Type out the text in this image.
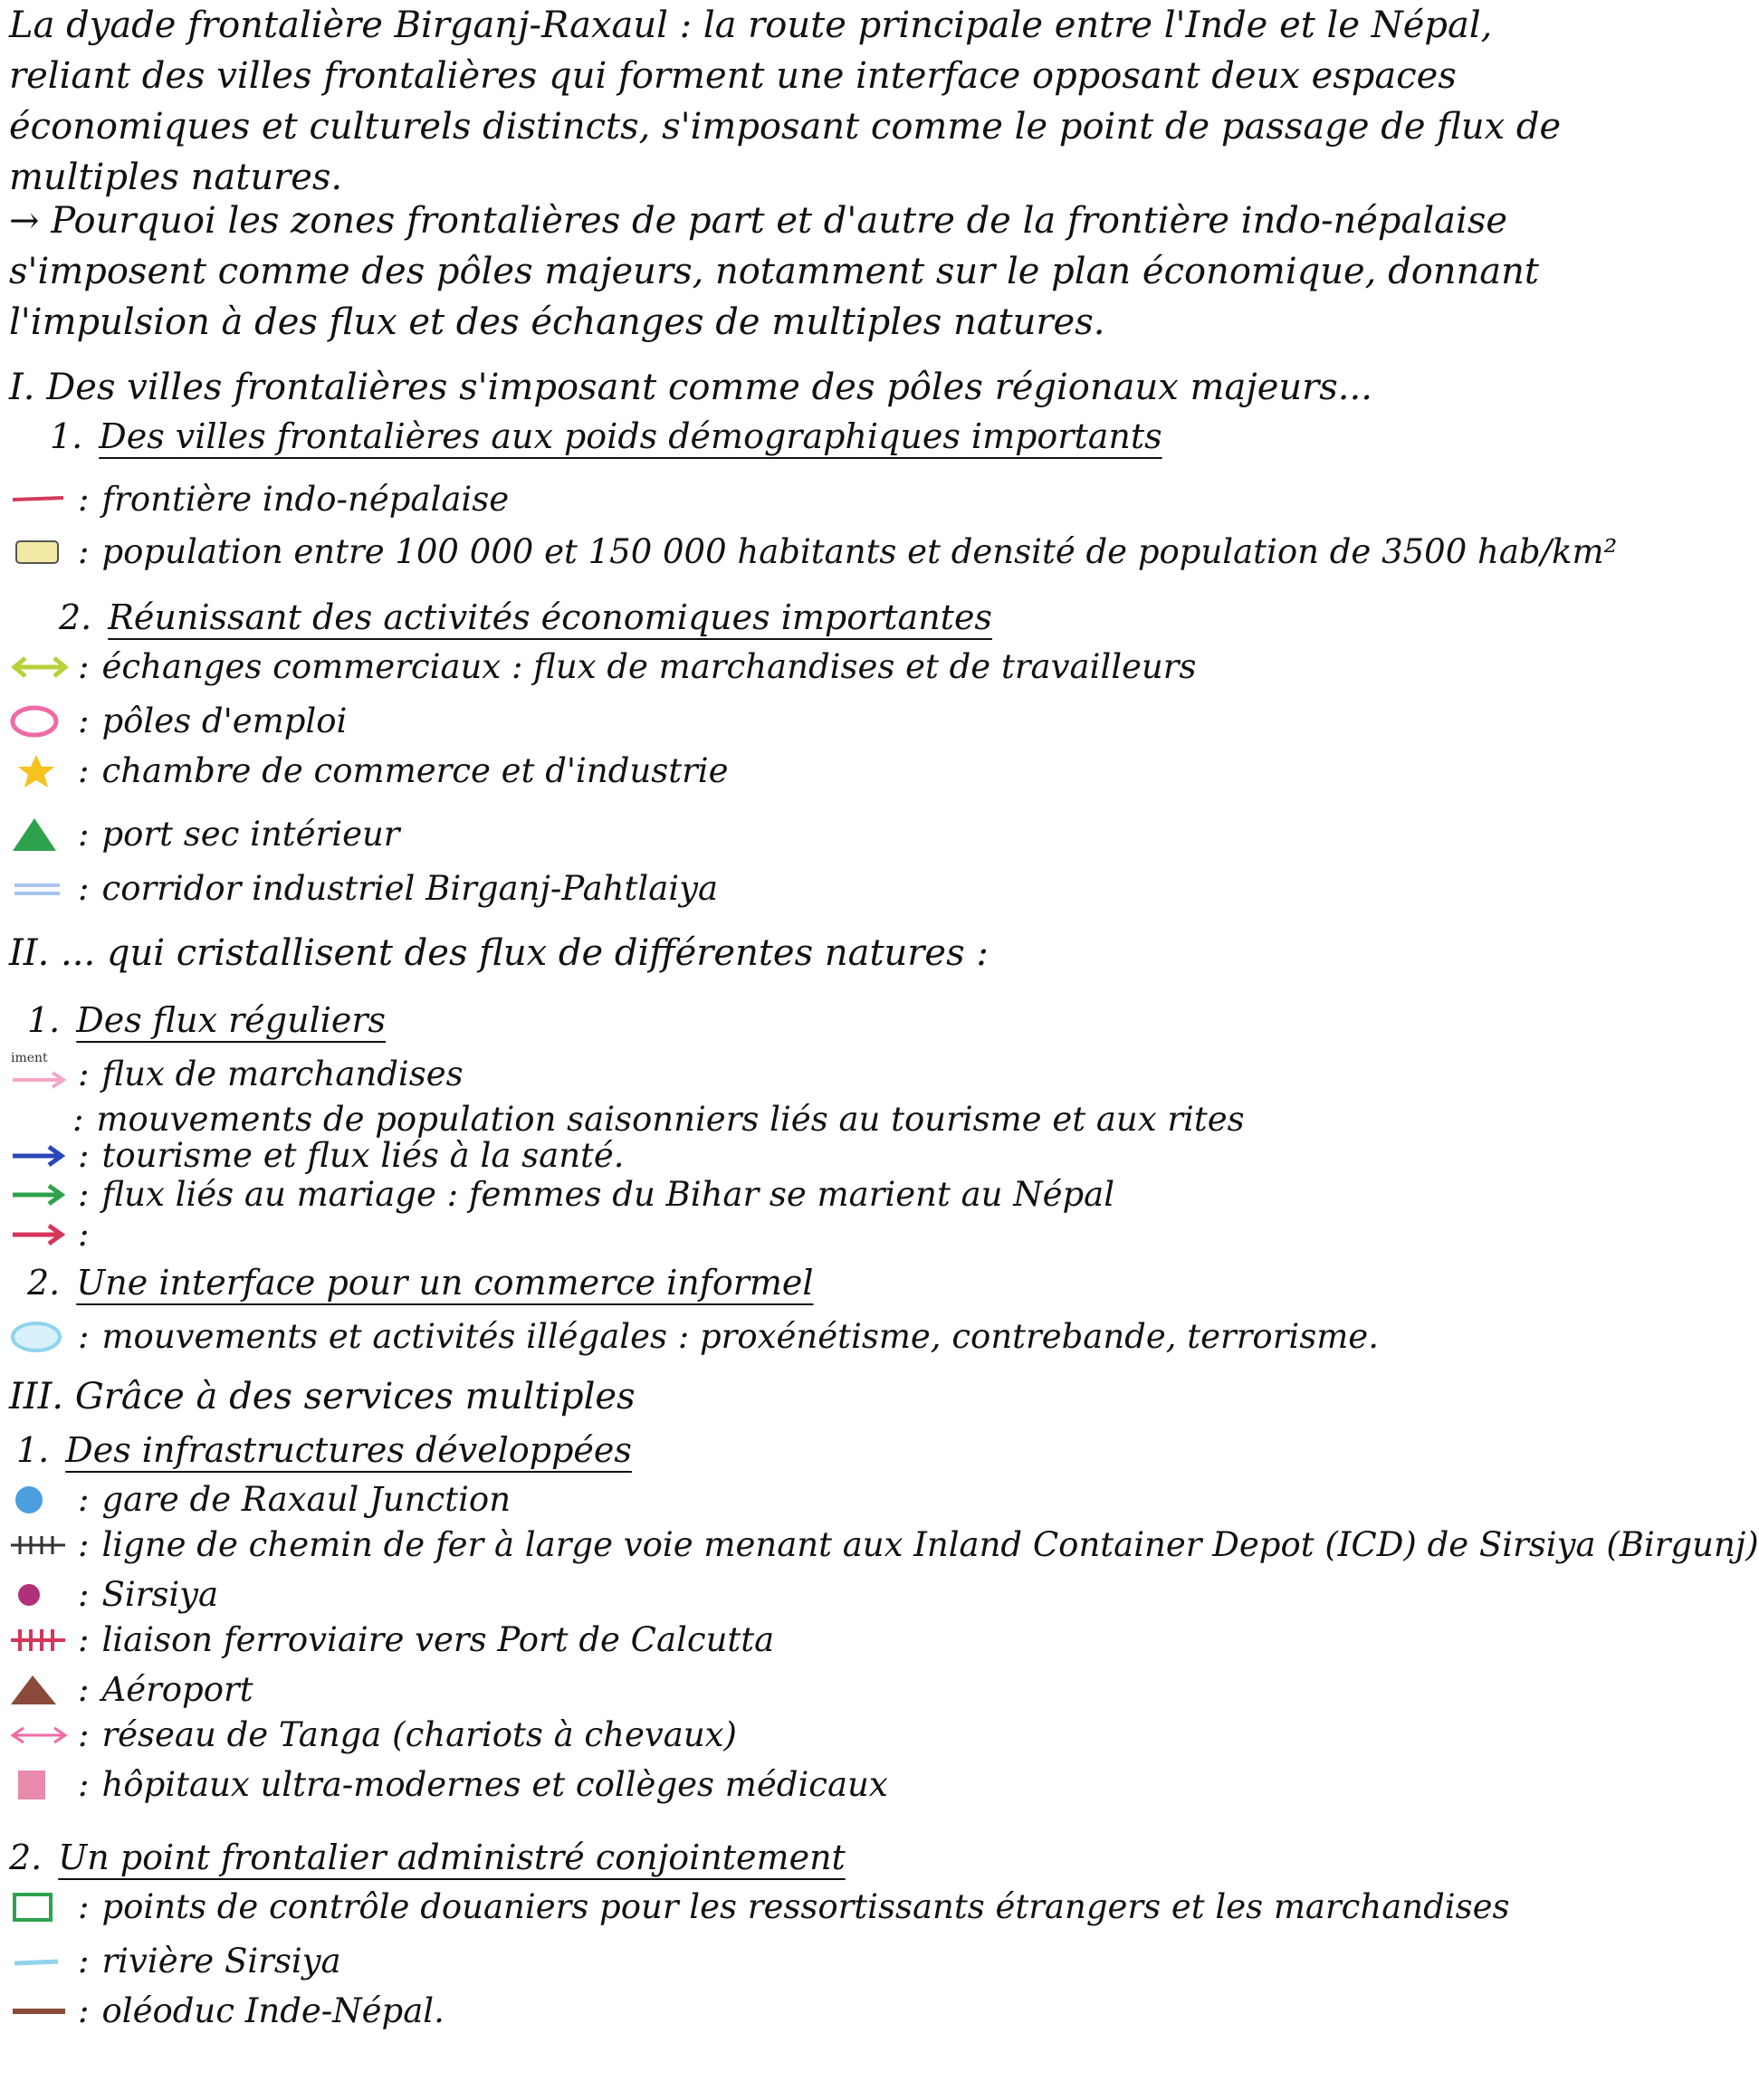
La dyade frontalière Birganj-Raxaul : la route principale entre l'Inde et le Népal,
reliant des villes frontalières qui forment une interface opposant deux espaces
économiques et culturels distincts, s'imposant comme le point de passage de flux de
multiples natures.
→ Pourquoi les zones frontalières de part et d'autre de la frontière indo-népalaise
s'imposent comme des pôles majeurs, notamment sur le plan économique, donnant
l'impulsion à des flux et des échanges de multiples natures.
I. Des villes frontalières s'imposant comme des pôles régionaux majeurs...
1. Des villes frontalières aux poids démographiques importants
: frontière indo-népalaise
: population entre 100 000 et 150 000 habitants et densité de population de 3500 hab/km²
2. Réunissant des activités économiques importantes
: échanges commerciaux : flux de marchandises et de travailleurs
: pôles d'emploi
: chambre de commerce et d'industrie
: port sec intérieur
: corridor industriel Birganj-Pahtlaiya
II. ... qui cristallisent des flux de différentes natures :
1. Des flux réguliers
iment : flux de marchandises
: mouvements de population saisonniers liés au tourisme et aux rites
: tourisme et flux liés à la santé.
: flux liés au mariage : femmes du Bihar se marient au Népal
:
2. Une interface pour un commerce informel
: mouvements et activités illégales : proxénétisme, contrebande, terrorisme.
III. Grâce à des services multiples
1. Des infrastructures développées
: gare de Raxaul Junction
: ligne de chemin de fer à large voie menant aux Inland Container Depot (ICD) de Sirsiya (Birgunj)
: Sirsiya
: liaison ferroviaire vers Port de Calcutta
: Aéroport
: réseau de Tanga (chariots à chevaux)
: hôpitaux ultra-modernes et collèges médicaux
2. Un point frontalier administré conjointement
: points de contrôle douaniers pour les ressortissants étrangers et les marchandises
: rivière Sirsiya
: oléoduc Inde-Népal.
